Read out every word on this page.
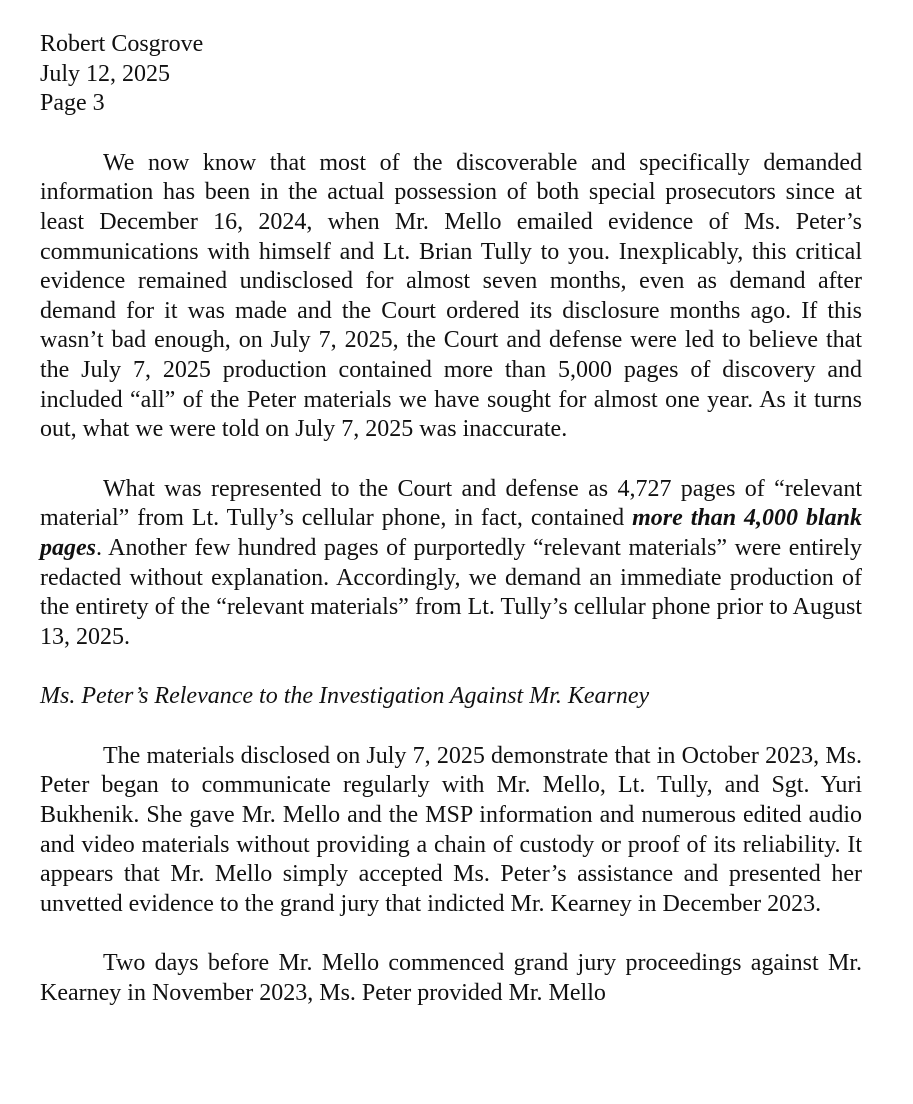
Robert Cosgrove
July 12, 2025
Page 3

We now know that most of the discoverable and specifically demanded information has been in the actual possession of both special prosecutors since at least December 16, 2024, when Mr. Mello emailed evidence of Ms. Peter’s communications with himself and Lt. Brian Tully to you. Inexplicably, this critical evidence remained undisclosed for almost seven months, even as demand after demand for it was made and the Court ordered its disclosure months ago. If this wasn’t bad enough, on July 7, 2025, the Court and defense were led to believe that the July 7, 2025 production contained more than 5,000 pages of discovery and included “all” of the Peter materials we have sought for almost one year. As it turns out, what we were told on July 7, 2025 was inaccurate.

What was represented to the Court and defense as 4,727 pages of “relevant material” from Lt. Tully’s cellular phone, in fact, contained more than 4,000 blank pages. Another few hundred pages of purportedly “relevant materials” were entirely redacted without explanation. Accordingly, we demand an immediate production of the entirety of the “relevant materials” from Lt. Tully’s cellular phone prior to August 13, 2025.

Ms. Peter’s Relevance to the Investigation Against Mr. Kearney

The materials disclosed on July 7, 2025 demonstrate that in October 2023, Ms. Peter began to communicate regularly with Mr. Mello, Lt. Tully, and Sgt. Yuri Bukhenik. She gave Mr. Mello and the MSP information and numerous edited audio and video materials without providing a chain of custody or proof of its reliability. It appears that Mr. Mello simply accepted Ms. Peter’s assistance and presented her unvetted evidence to the grand jury that indicted Mr. Kearney in December 2023.

Two days before Mr. Mello commenced grand jury proceedings against Mr. Kearney in November 2023, Ms. Peter provided Mr. Mello
